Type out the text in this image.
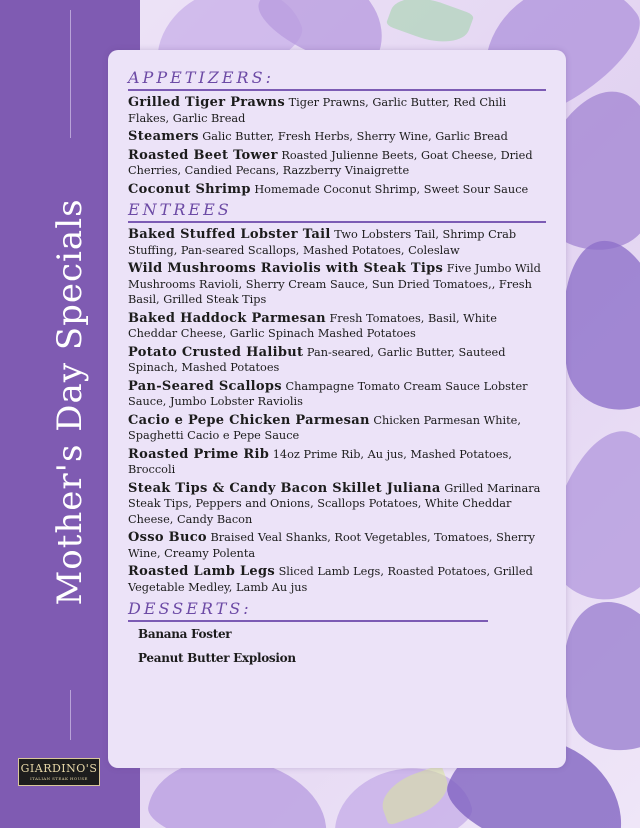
Mother's Day Specials
GIARDINO'S
ITALIAN STEAK HOUSE
APPETIZERS:
Grilled Tiger Prawns Tiger Prawns, Garlic Butter, Red Chili Flakes, Garlic Bread
Steamers Galic Butter, Fresh Herbs, Sherry Wine, Garlic Bread
Roasted Beet Tower Roasted Julienne Beets, Goat Cheese, Dried Cherries, Candied Pecans, Razzberry Vinaigrette
Coconut Shrimp Homemade Coconut Shrimp, Sweet Sour Sauce
ENTREES
Baked Stuffed Lobster Tail Two Lobsters Tail, Shrimp Crab Stuffing, Pan-seared Scallops, Mashed Potatoes, Coleslaw
Wild Mushrooms Raviolis with Steak Tips Five Jumbo Wild Mushrooms Ravioli, Sherry Cream Sauce, Sun Dried Tomatoes,, Fresh Basil, Grilled Steak Tips
Baked Haddock Parmesan Fresh Tomatoes, Basil, White Cheddar Cheese, Garlic Spinach Mashed Potatoes
Potato Crusted Halibut Pan-seared, Garlic Butter, Sauteed Spinach, Mashed Potatoes
Pan-Seared Scallops Champagne Tomato Cream Sauce Lobster Sauce, Jumbo Lobster Raviolis
Cacio e Pepe Chicken Parmesan Chicken Parmesan White, Spaghetti Cacio e Pepe Sauce
Roasted Prime Rib 14oz Prime Rib, Au jus, Mashed Potatoes, Broccoli
Steak Tips & Candy Bacon Skillet Juliana Grilled Marinara Steak Tips, Peppers and Onions, Scallops Potatoes, White Cheddar Cheese, Candy Bacon
Osso Buco Braised Veal Shanks, Root Vegetables, Tomatoes, Sherry Wine, Creamy Polenta
Roasted Lamb Legs Sliced Lamb Legs, Roasted Potatoes, Grilled Vegetable Medley, Lamb Au jus
DESSERTS:
Banana Foster
Peanut Butter Explosion
